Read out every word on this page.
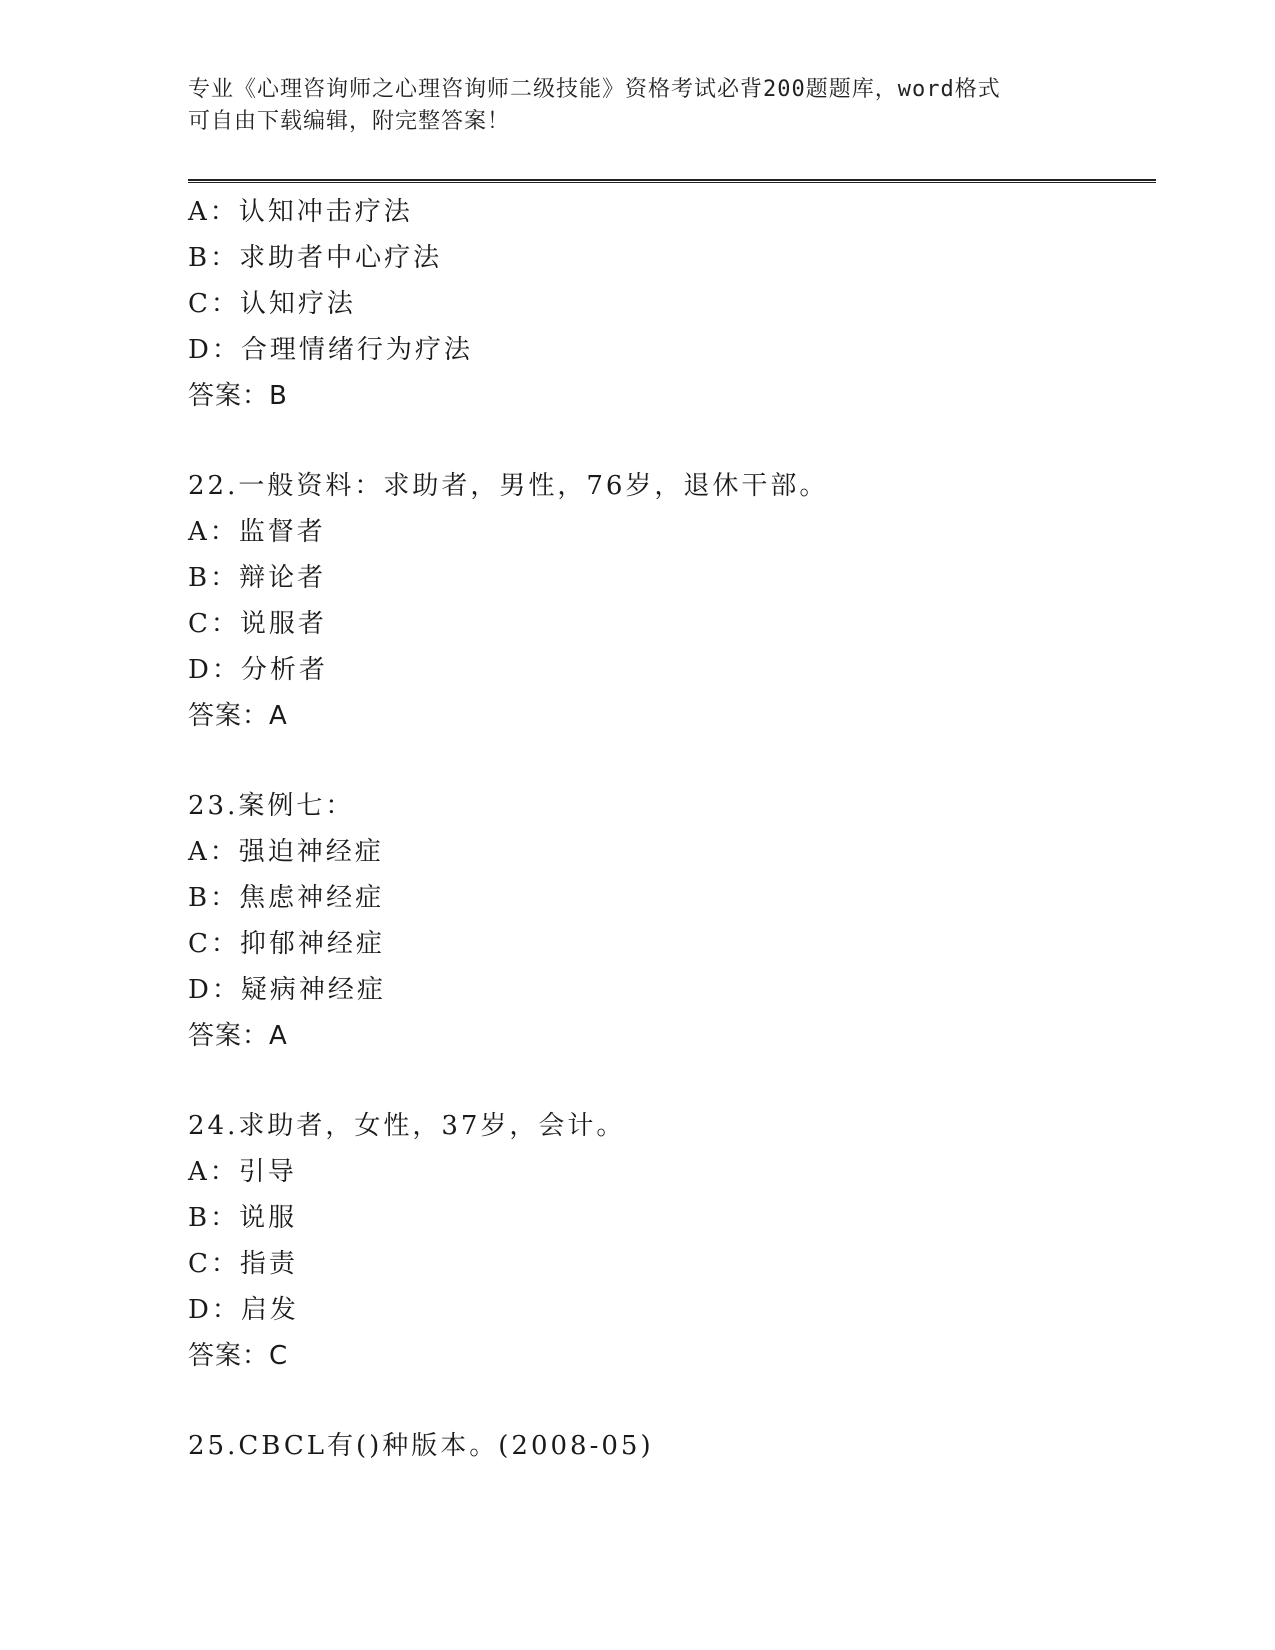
专业《心理咨询师之心理咨询师二级技能》资格考试必背200题题库，word格式
可自由下载编辑，附完整答案！
A：认知冲击疗法
B：求助者中心疗法
C：认知疗法
D：合理情绪行为疗法
答案：B
22.一般资料：求助者，男性，76岁，退休干部。
A：监督者
B：辩论者
C：说服者
D：分析者
答案：A
23.案例七：
A：强迫神经症
B：焦虑神经症
C：抑郁神经症
D：疑病神经症
答案：A
24.求助者，女性，37岁，会计。
A：引导
B：说服
C：指责
D：启发
答案：C
25.CBCL有()种版本。(2008-05)
